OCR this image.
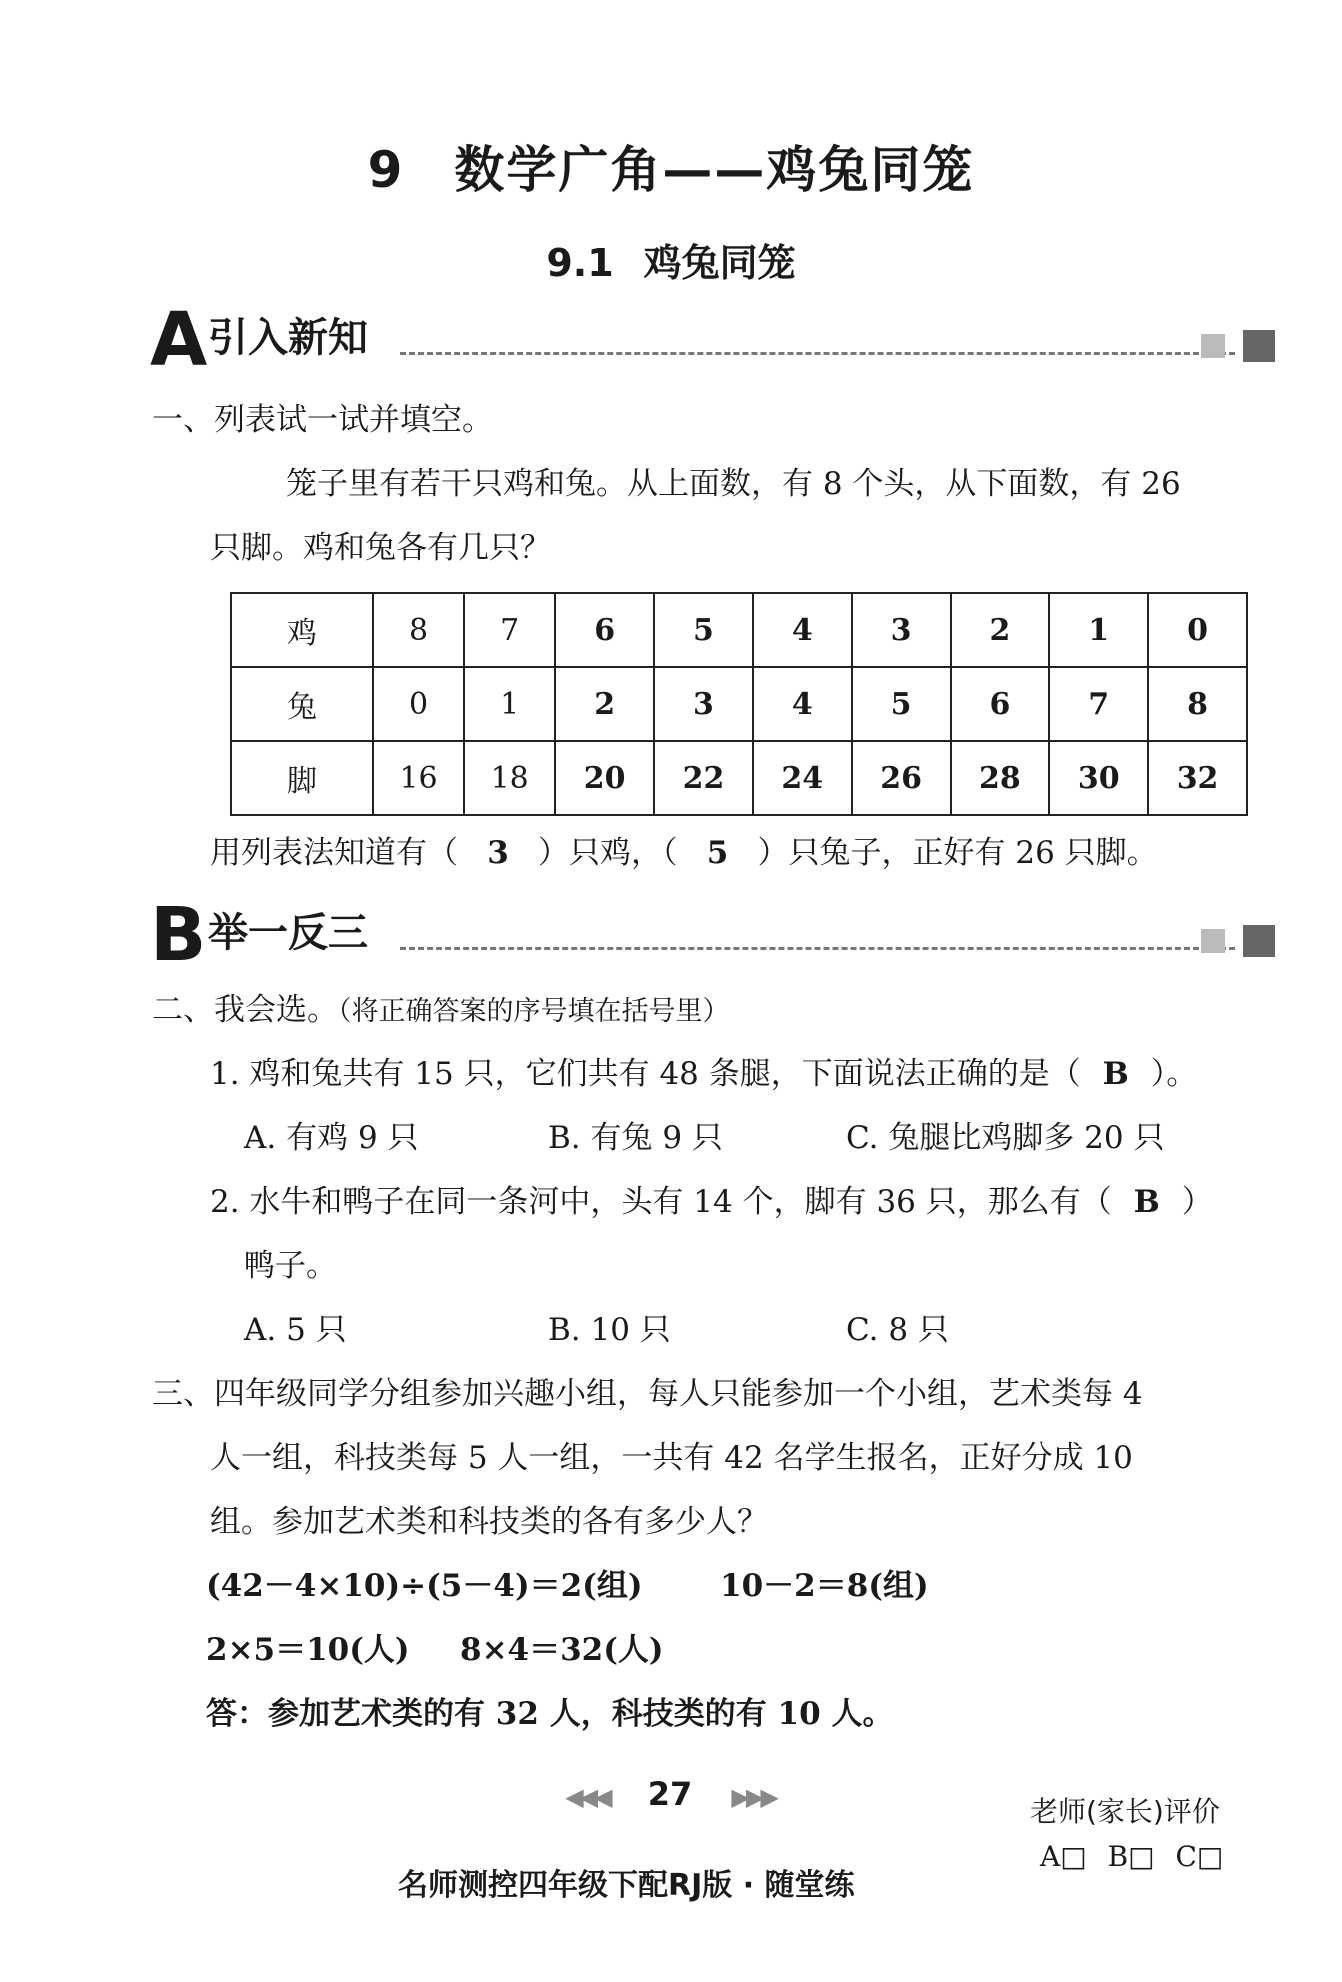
9 数学广角——鸡兔同笼
9.1 鸡兔同笼
A 引入新知
一、列表试一试并填空。
笼子里有若干只鸡和兔。从上面数，有 8 个头，从下面数，有 26
只脚。鸡和兔各有几只？
鸡	8	7	6	5	4	3	2	1	0
兔	0	1	2	3	4	5	6	7	8
脚	16	18	20	22	24	26	28	30	32
用列表法知道有（ 3 ）只鸡，（ 5 ）只兔子，正好有 26 只脚。
B 举一反三
二、我会选。（将正确答案的序号填在括号里）
1. 鸡和兔共有 15 只，它们共有 48 条腿，下面说法正确的是（ B ）。
A. 有鸡 9 只	B. 有兔 9 只	C. 兔腿比鸡脚多 20 只
2. 水牛和鸭子在同一条河中，头有 14 个，脚有 36 只，那么有（ B ）
鸭子。
A. 5 只	B. 10 只	C. 8 只
三、四年级同学分组参加兴趣小组，每人只能参加一个小组，艺术类每 4
人一组，科技类每 5 人一组，一共有 42 名学生报名，正好分成 10
组。参加艺术类和科技类的各有多少人？
(42－4×10)÷(5－4)＝2(组) 10－2＝8(组)
2×5＝10(人) 8×4＝32(人)
答：参加艺术类的有 32 人，科技类的有 10 人。
◀◀◀ 27 ▶▶▶	老师(家长)评价
A□ B□ C□
名师测控四年级下配RJ版 · 随堂练
